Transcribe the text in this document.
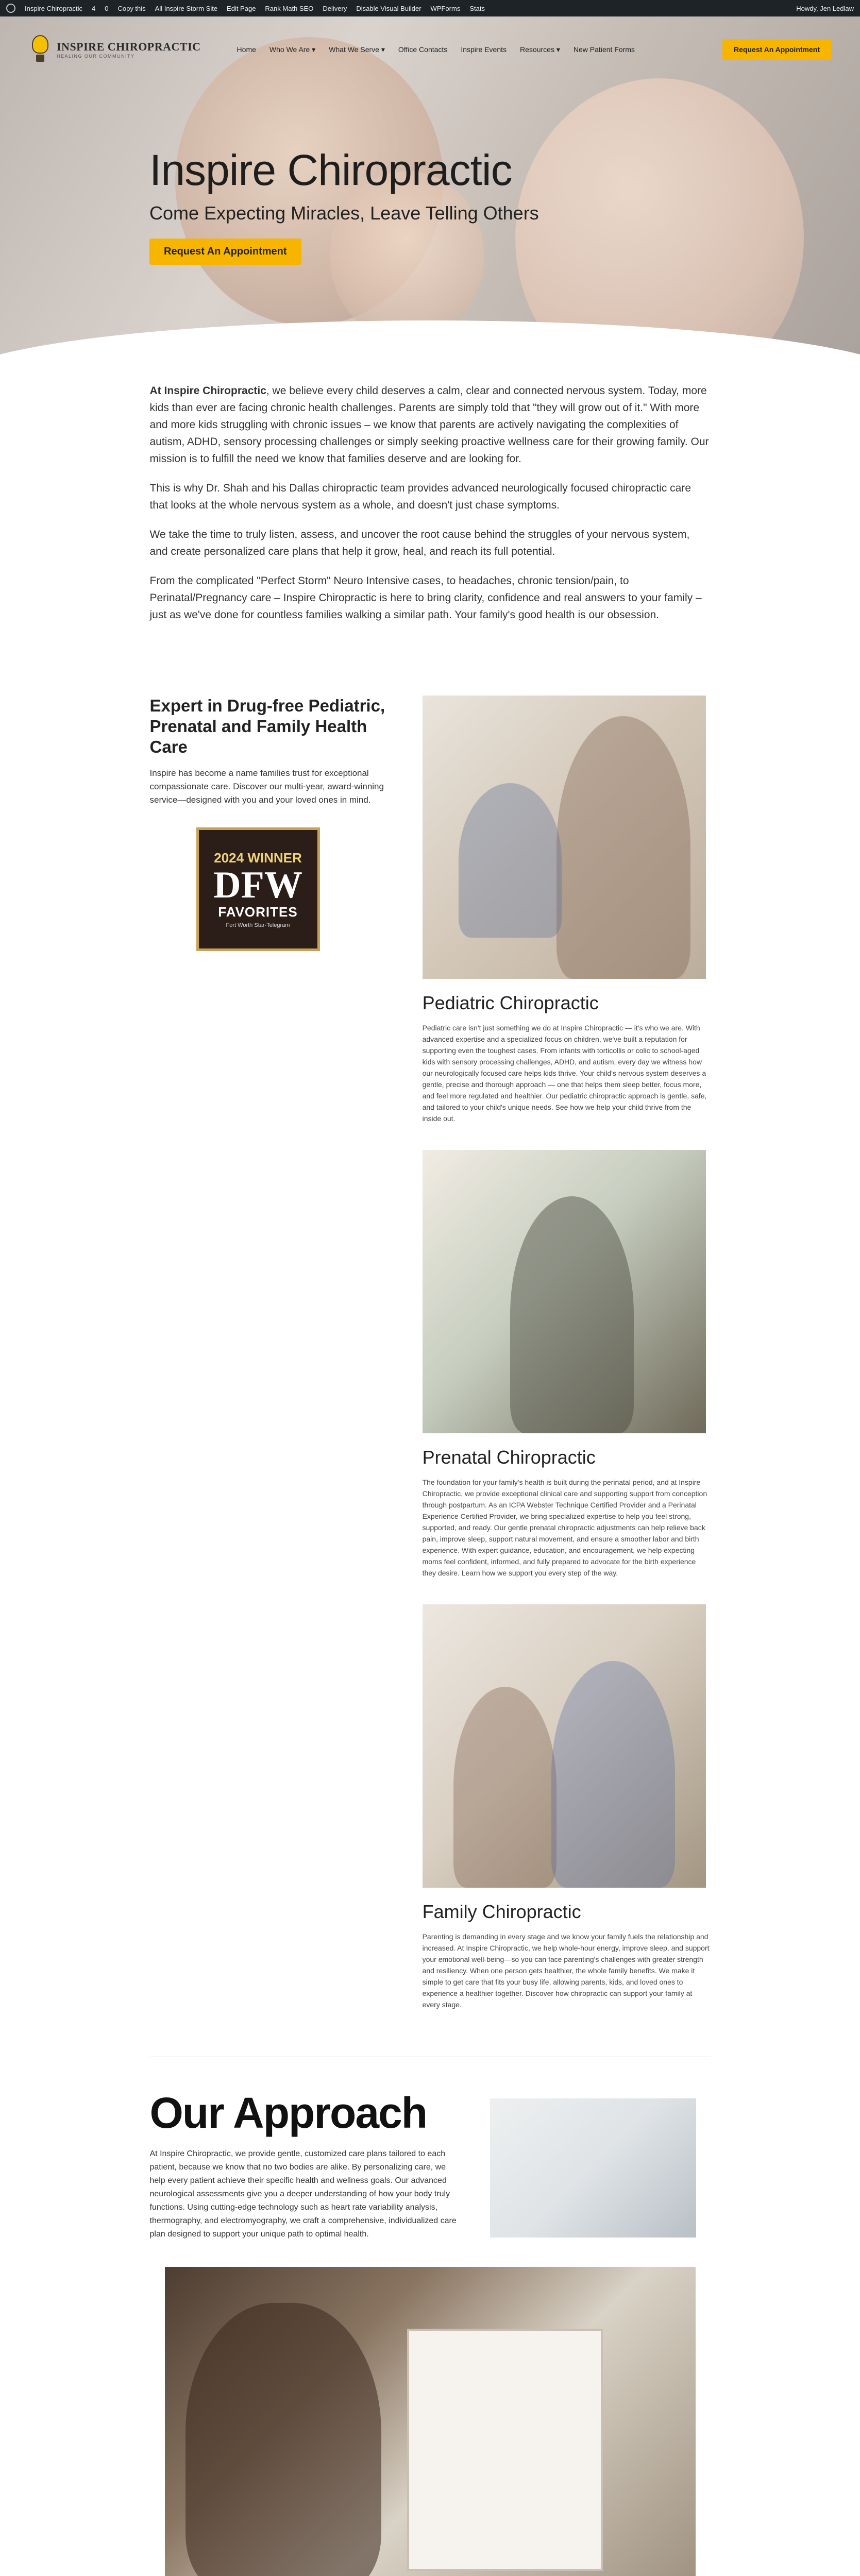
Inspire Chiropractic 4 0 Copy this All Inspire Storm Site Edit Page Rank Math SEO Delivery Disable Visual Builder WPForms Stats	Howdy, Jen Ledlaw
INSPIRE CHIROPRACTIC
HEALING OUR COMMUNITY
Home Who We Are ▾ What We Serve ▾ Office Contacts Inspire Events Resources ▾ New Patient Forms	Request An Appointment
Inspire Chiropractic

Come Expecting Miracles, Leave Telling Others

Request An Appointment

At Inspire Chiropractic, we believe every child deserves a calm, clear and connected nervous system. Today, more kids than ever are facing chronic health challenges. Parents are simply told that "they will grow out of it." With more and more kids struggling with chronic issues – we know that parents are actively navigating the complexities of autism, ADHD, sensory processing challenges or simply seeking proactive wellness care for their growing family. Our mission is to fulfill the need we know that families deserve and are looking for.

This is why Dr. Shah and his Dallas chiropractic team provides advanced neurologically focused chiropractic care that looks at the whole nervous system as a whole, and doesn't just chase symptoms.

We take the time to truly listen, assess, and uncover the root cause behind the struggles of your nervous system, and create personalized care plans that help it grow, heal, and reach its full potential.

From the complicated "Perfect Storm" Neuro Intensive cases, to headaches, chronic tension/pain, to Perinatal/Pregnancy care – Inspire Chiropractic is here to bring clarity, confidence and real answers to your family – just as we've done for countless families walking a similar path. Your family's good health is our obsession.

Expert in Drug-free Pediatric, Prenatal and Family Health Care

Inspire has become a name families trust for exceptional compassionate care. Discover our multi-year, award-winning service—designed with you and your loved ones in mind.

2024 WINNER
DFW
FAVORITES
Fort Worth Star-Telegram
Pediatric Chiropractic

Pediatric care isn't just something we do at Inspire Chiropractic — it's who we are. With advanced expertise and a specialized focus on children, we've built a reputation for supporting even the toughest cases. From infants with torticollis or colic to school-aged kids with sensory processing challenges, ADHD, and autism, every day we witness how our neurologically focused care helps kids thrive. Your child's nervous system deserves a gentle, precise and thorough approach — one that helps them sleep better, focus more, and feel more regulated and healthier. Our pediatric chiropractic approach is gentle, safe, and tailored to your child's unique needs. See how we help your child thrive from the inside out.

Prenatal Chiropractic

The foundation for your family's health is built during the perinatal period, and at Inspire Chiropractic, we provide exceptional clinical care and supporting support from conception through postpartum. As an ICPA Webster Technique Certified Provider and a Perinatal Experience Certified Provider, we bring specialized expertise to help you feel strong, supported, and ready. Our gentle prenatal chiropractic adjustments can help relieve back pain, improve sleep, support natural movement, and ensure a smoother labor and birth experience. With expert guidance, education, and encouragement, we help expecting moms feel confident, informed, and fully prepared to advocate for the birth experience they desire. Learn how we support you every step of the way.

Family Chiropractic

Parenting is demanding in every stage and we know your family fuels the relationship and increased. At Inspire Chiropractic, we help whole-hour energy, improve sleep, and support your emotional well-being—so you can face parenting's challenges with greater strength and resiliency. When one person gets healthier, the whole family benefits. We make it simple to get care that fits your busy life, allowing parents, kids, and loved ones to experience a healthier together. Discover how chiropractic can support your family at every stage.

Our Approach

At Inspire Chiropractic, we provide gentle, customized care plans tailored to each patient, because we know that no two bodies are alike. By personalizing care, we help every patient achieve their specific health and wellness goals. Our advanced neurological assessments give you a deeper understanding of how your body truly functions. Using cutting-edge technology such as heart rate variability analysis, thermography, and electromyography, we craft a comprehensive, individualized care plan designed to support your unique path to optimal health.
